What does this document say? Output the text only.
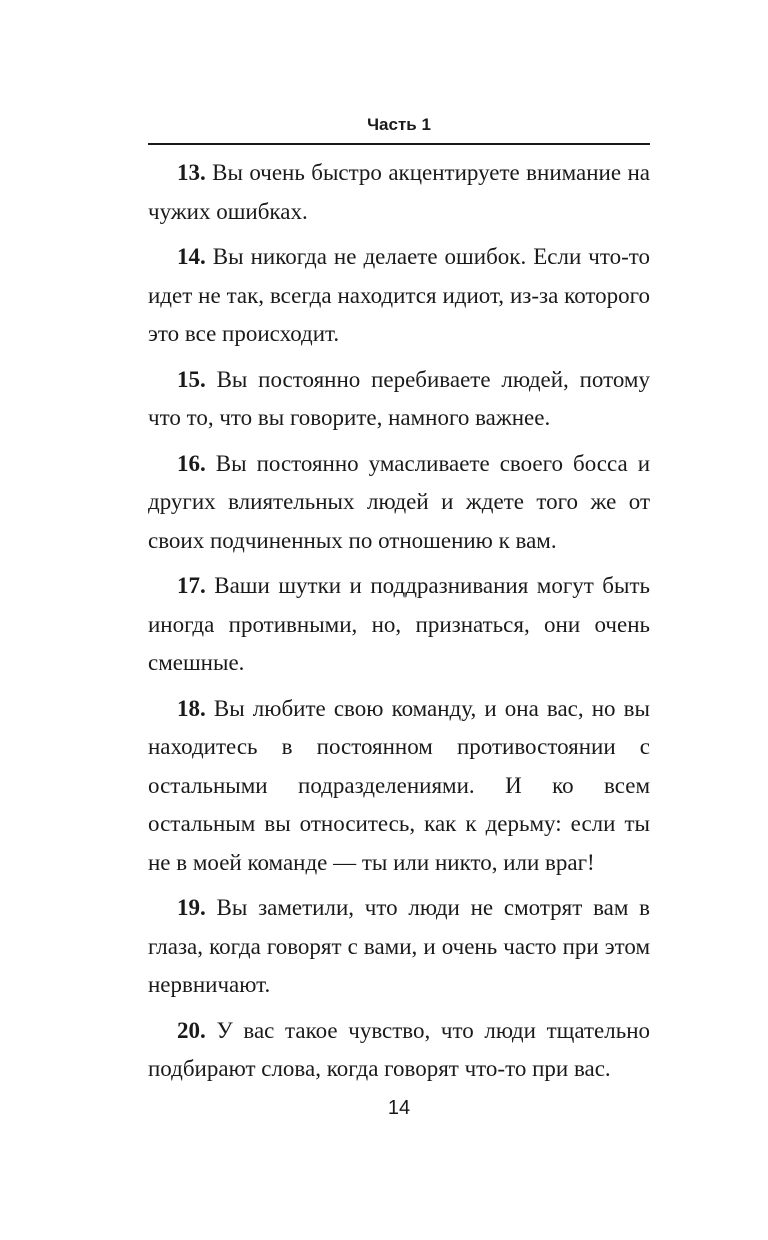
Часть 1

13. Вы очень быстро акцентируете внимание на чужих ошибках.

14. Вы никогда не делаете ошибок. Если что-то идет не так, всегда находится идиот, из-за которого это все происходит.

15. Вы постоянно перебиваете людей, потому что то, что вы говорите, намного важнее.

16. Вы постоянно умасливаете своего босса и других влиятельных людей и ждете того же от своих подчиненных по отношению к вам.

17. Ваши шутки и поддразнивания могут быть иногда противными, но, признаться, они очень смешные.

18. Вы любите свою команду, и она вас, но вы находитесь в постоянном противостоянии с остальными подразделениями. И ко всем остальным вы относитесь, как к дерьму: если ты не в моей команде — ты или никто, или враг!

19. Вы заметили, что люди не смотрят вам в глаза, когда говорят с вами, и очень часто при этом нервничают.

20. У вас такое чувство, что люди тщательно подбирают слова, когда говорят что-то при вас.

14
